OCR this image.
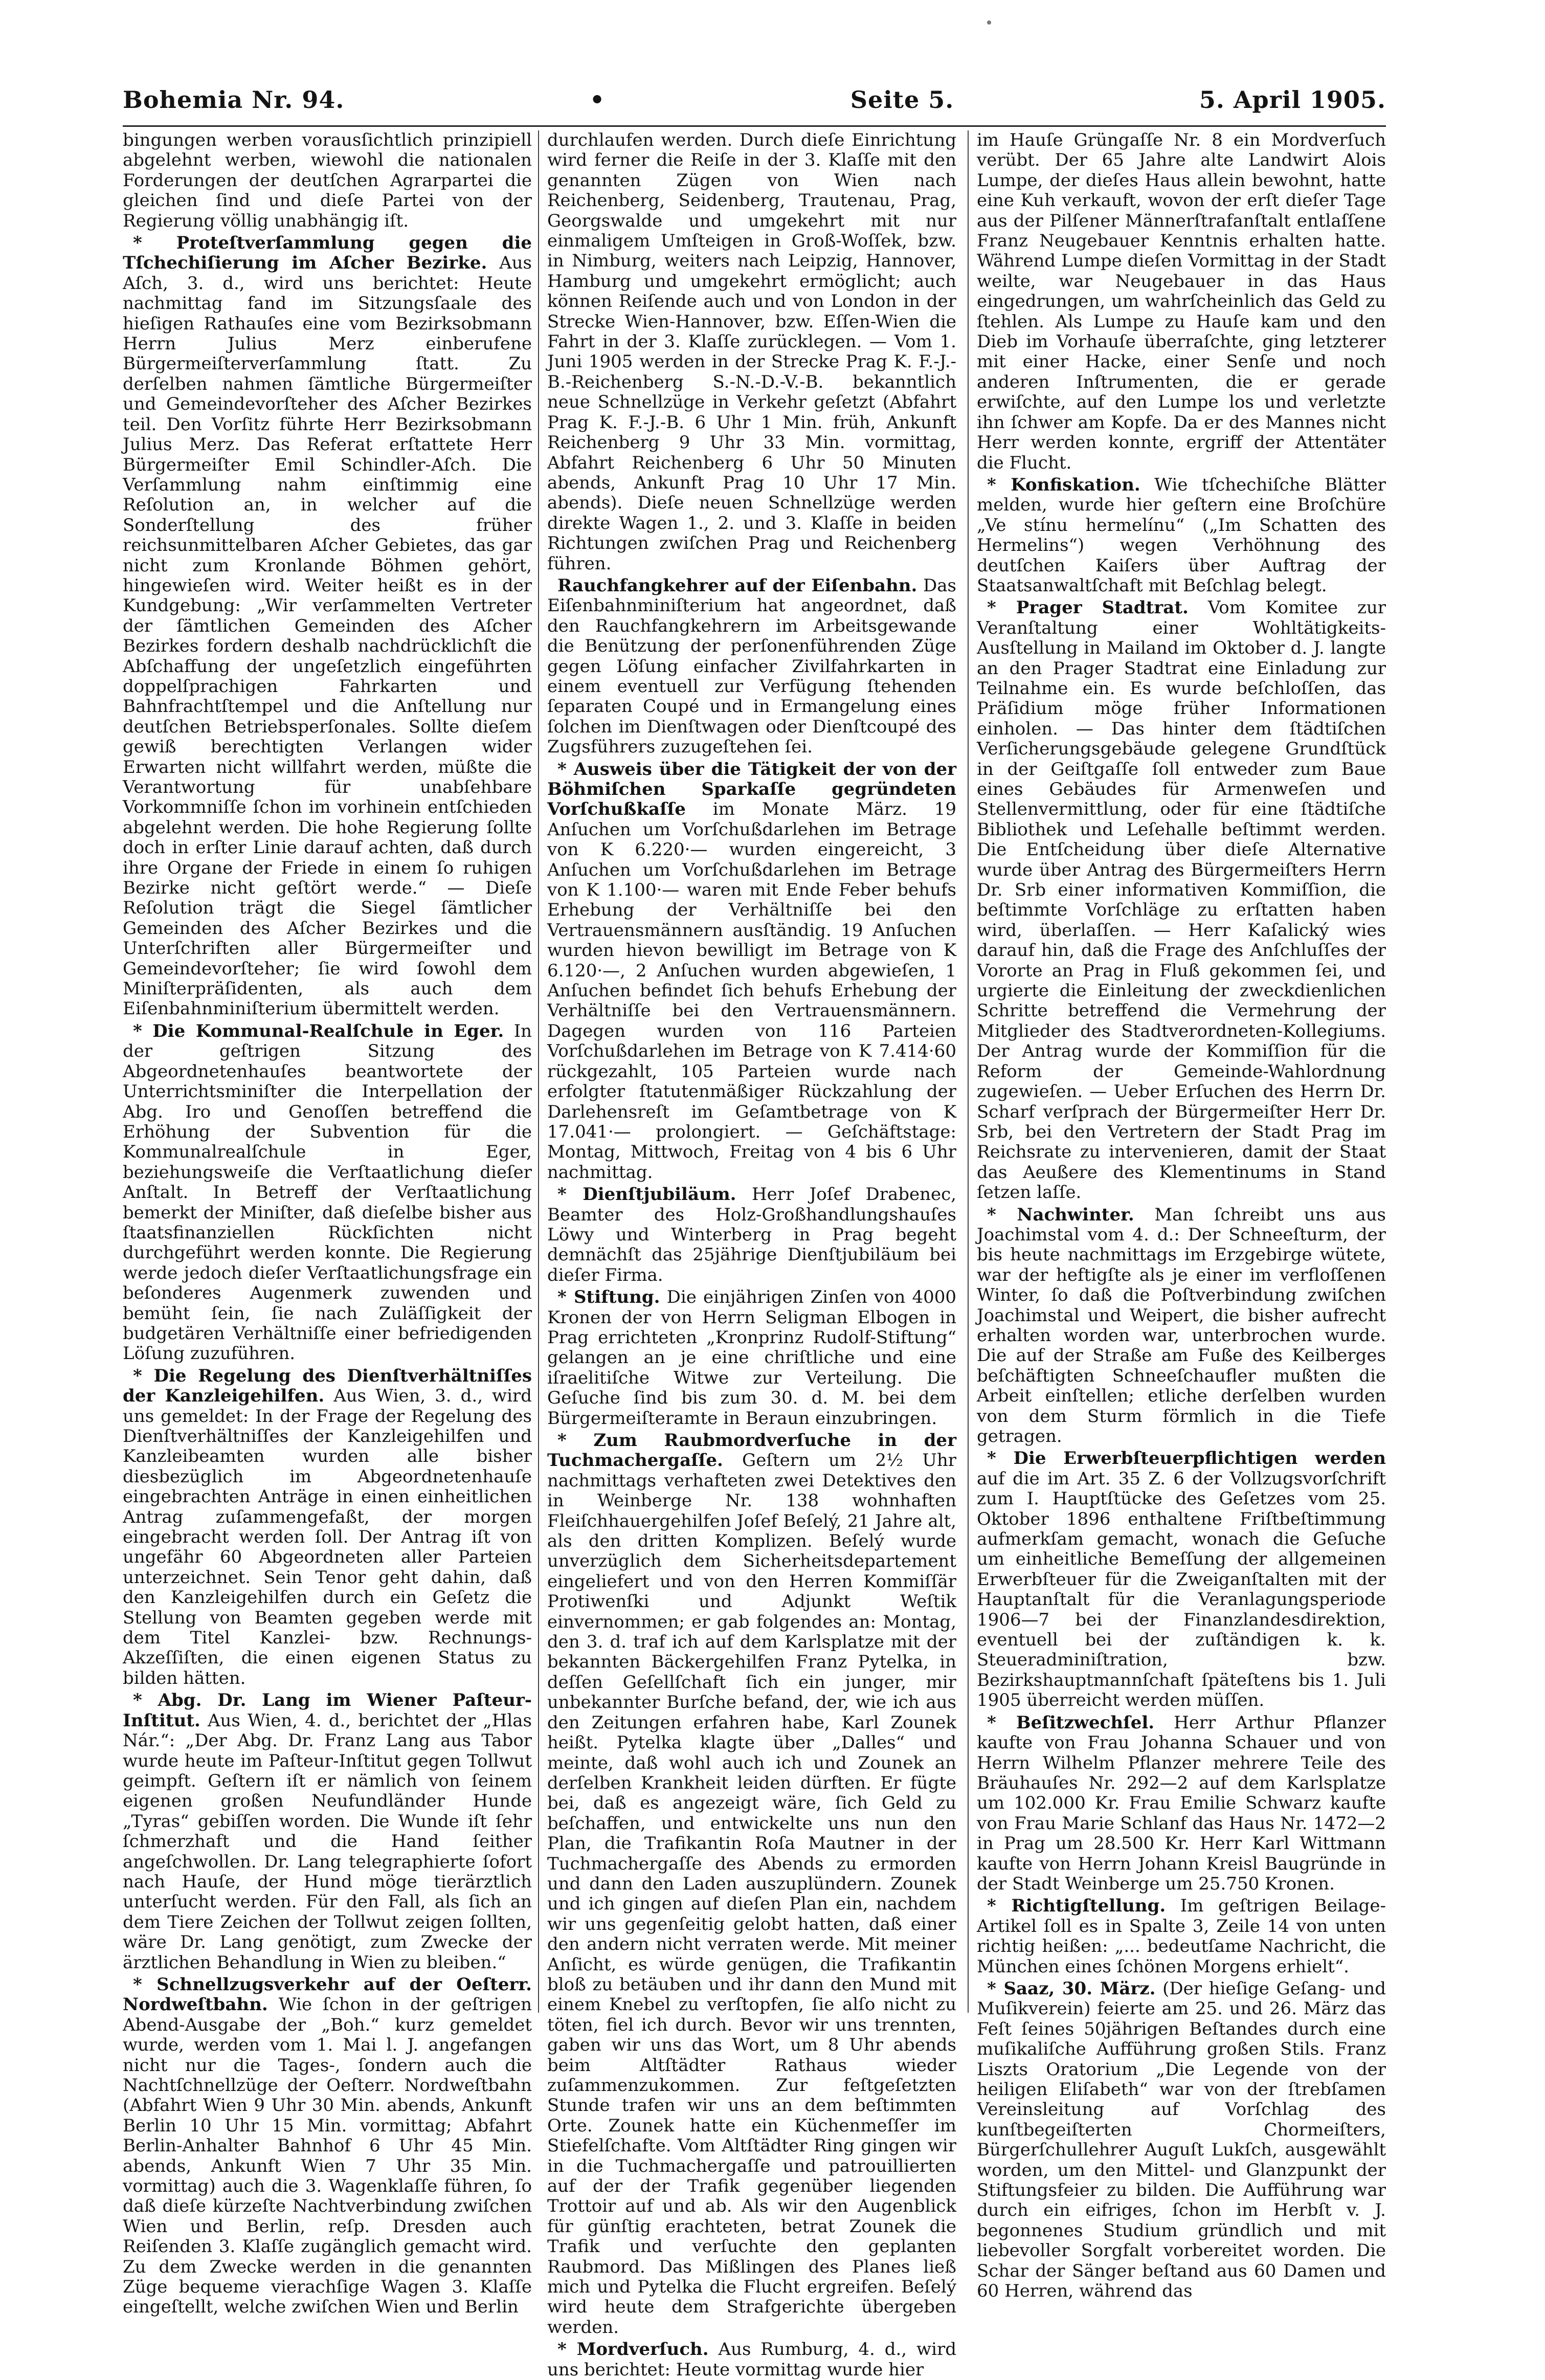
Bohemia Nr. 94.	•	Seite 5.	5. April 1905.

bingungen werben vorausſichtlich prinzipiell abgelehnt werben, wiewohl die nationalen Forderungen der deutſchen Agrarpartei die gleichen ſind und dieſe Partei von der Regierung völlig unabhängig iſt.

* Proteſtverſammlung gegen die Tſchechiſierung im Aſcher Bezirke. Aus Aſch, 3. d., wird uns berichtet: Heute nachmittag fand im Sitzungsſaale des hieſigen Rathauſes eine vom Bezirksobmann Herrn Julius Merz einberufene Bürgermeiſterverſammlung ſtatt. Zu derſelben nahmen ſämtliche Bürgermeiſter und Gemeindevorſteher des Aſcher Bezirkes teil. Den Vorſitz führte Herr Bezirksobmann Julius Merz. Das Referat erſtattete Herr Bürgermeiſter Emil Schindler-Aſch. Die Verſammlung nahm einſtimmig eine Reſolution an, in welcher auf die Sonderſtellung des früher reichsunmittelbaren Aſcher Gebietes, das gar nicht zum Kronlande Böhmen gehört, hingewieſen wird. Weiter heißt es in der Kundgebung: „Wir verſammelten Vertreter der ſämtlichen Gemeinden des Aſcher Bezirkes fordern deshalb nachdrücklichſt die Abſchaffung der ungeſetzlich eingeführten doppelſprachigen Fahrkarten und Bahnfrachtſtempel und die Anſtellung nur deutſchen Betriebsperſonales. Sollte dieſem gewiß berechtigten Verlangen wider Erwarten nicht willfahrt werden, müßte die Verantwortung für unabſehbare Vorkommniſſe ſchon im vorhinein entſchieden abgelehnt werden. Die hohe Regierung ſollte doch in erſter Linie darauf achten, daß durch ihre Organe der Friede in einem ſo ruhigen Bezirke nicht geſtört werde.“ — Dieſe Reſolution trägt die Siegel ſämtlicher Gemeinden des Aſcher Bezirkes und die Unterſchriften aller Bürgermeiſter und Gemeindevorſteher; ſie wird ſowohl dem Miniſterpräſidenten, als auch dem Eiſenbahnminiſterium übermittelt werden.

* Die Kommunal-Realſchule in Eger. In der geſtrigen Sitzung des Abgeordnetenhauſes beantwortete der Unterrichtsminiſter die Interpellation der Abg. Iro und Genoſſen betreffend die Erhöhung der Subvention für die Kommunalrealſchule in Eger, beziehungsweiſe die Verſtaatlichung dieſer Anſtalt. In Betreff der Verſtaatlichung bemerkt der Miniſter, daß dieſelbe bisher aus ſtaatsfinanziellen Rückſichten nicht durchgeführt werden konnte. Die Regierung werde jedoch dieſer Verſtaatlichungsfrage ein beſonderes Augenmerk zuwenden und bemüht ſein, ſie nach Zuläſſigkeit der budgetären Verhältniſſe einer befriedigenden Löſung zuzuführen.

* Die Regelung des Dienſtverhältniſſes der Kanzleigehilfen. Aus Wien, 3. d., wird uns gemeldet: In der Frage der Regelung des Dienſtverhältniſſes der Kanzleigehilfen und Kanzleibeamten wurden alle bisher diesbezüglich im Abgeordnetenhauſe eingebrachten Anträge in einen einheitlichen Antrag zuſammengefaßt, der morgen eingebracht werden ſoll. Der Antrag iſt von ungefähr 60 Abgeordneten aller Parteien unterzeichnet. Sein Tenor geht dahin, daß den Kanzleigehilfen durch ein Geſetz die Stellung von Beamten gegeben werde mit dem Titel Kanzlei- bzw. Rechnungs-Akzeſſiſten, die einen eigenen Status zu bilden hätten.

* Abg. Dr. Lang im Wiener Paſteur-Inſtitut. Aus Wien, 4. d., berichtet der „Hlas Nár.“: „Der Abg. Dr. Franz Lang aus Tabor wurde heute im Paſteur-Inſtitut gegen Tollwut geimpft. Geſtern iſt er nämlich von ſeinem eigenen großen Neufundländer Hunde „Tyras“ gebiſſen worden. Die Wunde iſt ſehr ſchmerzhaft und die Hand ſeither angeſchwollen. Dr. Lang telegraphierte ſofort nach Hauſe, der Hund möge tierärztlich unterſucht werden. Für den Fall, als ſich an dem Tiere Zeichen der Tollwut zeigen ſollten, wäre Dr. Lang genötigt, zum Zwecke der ärztlichen Behandlung in Wien zu bleiben.“

* Schnellzugsverkehr auf der Oeſterr. Nordweſtbahn. Wie ſchon in der geſtrigen Abend-Ausgabe der „Boh.“ kurz gemeldet wurde, werden vom 1. Mai l. J. angefangen nicht nur die Tages-, ſondern auch die Nachtſchnellzüge der Oeſterr. Nordweſtbahn (Abfahrt Wien 9 Uhr 30 Min. abends, Ankunft Berlin 10 Uhr 15 Min. vormittag; Abfahrt Berlin-Anhalter Bahnhof 6 Uhr 45 Min. abends, Ankunft Wien 7 Uhr 35 Min. vormittag) auch die 3. Wagenklaſſe führen, ſo daß dieſe kürzeſte Nachtverbindung zwiſchen Wien und Berlin, reſp. Dresden auch Reiſenden 3. Klaſſe zugänglich gemacht wird. Zu dem Zwecke werden in die genannten Züge bequeme vierachſige Wagen 3. Klaſſe eingeſtellt, welche zwiſchen Wien und Berlin

durchlaufen werden. Durch dieſe Einrichtung wird ferner die Reiſe in der 3. Klaſſe mit den genannten Zügen von Wien nach Reichenberg, Seidenberg, Trautenau, Prag, Georgswalde und umgekehrt mit nur einmaligem Umſteigen in Groß-Woſſek, bzw. in Nimburg, weiters nach Leipzig, Hannover, Hamburg und umgekehrt ermöglicht; auch können Reiſende auch und von London in der Strecke Wien-Hannover, bzw. Eſſen-Wien die Fahrt in der 3. Klaſſe zurücklegen. — Vom 1. Juni 1905 werden in der Strecke Prag K. F.-J.-B.-Reichenberg S.-N.-D.-V.-B. bekanntlich neue Schnellzüge in Verkehr geſetzt (Abfahrt Prag K. F.-J.-B. 6 Uhr 1 Min. früh, Ankunft Reichenberg 9 Uhr 33 Min. vormittag, Abfahrt Reichenberg 6 Uhr 50 Minuten abends, Ankunft Prag 10 Uhr 17 Min. abends). Dieſe neuen Schnellzüge werden direkte Wagen 1., 2. und 3. Klaſſe in beiden Richtungen zwiſchen Prag und Reichenberg führen.

Rauchfangkehrer auf der Eiſenbahn. Das Eiſenbahnminiſterium hat angeordnet, daß den Rauchfangkehrern im Arbeitsgewande die Benützung der perſonenführenden Züge gegen Löſung einfacher Zivilfahrkarten in einem eventuell zur Verfügung ſtehenden ſeparaten Coupé und in Ermangelung eines ſolchen im Dienſtwagen oder Dienſtcoupé des Zugsführers zuzugeſtehen ſei.

* Ausweis über die Tätigkeit der von der Böhmiſchen Sparkaſſe gegründeten Vorſchußkaſſe im Monate März. 19 Anſuchen um Vorſchußdarlehen im Betrage von K 6.220·— wurden eingereicht, 3 Anſuchen um Vorſchußdarlehen im Betrage von K 1.100·— waren mit Ende Feber behufs Erhebung der Verhältniſſe bei den Vertrauensmännern ausſtändig. 19 Anſuchen wurden hievon bewilligt im Betrage von K 6.120·—, 2 Anſuchen wurden abgewieſen, 1 Anſuchen befindet ſich behufs Erhebung der Verhältniſſe bei den Vertrauensmännern. Dagegen wurden von 116 Parteien Vorſchußdarlehen im Betrage von K 7.414·60 rückgezahlt, 105 Parteien wurde nach erfolgter ſtatutenmäßiger Rückzahlung der Darlehensreſt im Geſamtbetrage von K 17.041·— prolongiert. — Geſchäftstage: Montag, Mittwoch, Freitag von 4 bis 6 Uhr nachmittag.

* Dienſtjubiläum. Herr Joſef Drabenec, Beamter des Holz-Großhandlungshauſes Löwy und Winterberg in Prag begeht demnächſt das 25jährige Dienſtjubiläum bei dieſer Firma.

* Stiftung. Die einjährigen Zinſen von 4000 Kronen der von Herrn Seligman Elbogen in Prag errichteten „Kronprinz Rudolf-Stiftung“ gelangen an je eine chriſtliche und eine iſraelitiſche Witwe zur Verteilung. Die Geſuche ſind bis zum 30. d. M. bei dem Bürgermeiſteramte in Beraun einzubringen.

* Zum Raubmordverſuche in der Tuchmachergaſſe. Geſtern um 2½ Uhr nachmittags verhafteten zwei Detektives den in Weinberge Nr. 138 wohnhaften Fleiſchhauergehilfen Joſef Beſelý, 21 Jahre alt, als den dritten Komplizen. Beſelý wurde unverzüglich dem Sicherheitsdepartement eingeliefert und von den Herren Kommiſſär Protiwenſki und Adjunkt Weſtik einvernommen; er gab folgendes an: Montag, den 3. d. traf ich auf dem Karlsplatze mit der bekannten Bäckergehilfen Franz Pytelka, in deſſen Geſellſchaft ſich ein junger, mir unbekannter Burſche befand, der, wie ich aus den Zeitungen erfahren habe, Karl Zounek heißt. Pytelka klagte über „Dalles“ und meinte, daß wohl auch ich und Zounek an derſelben Krankheit leiden dürften. Er fügte bei, daß es angezeigt wäre, ſich Geld zu beſchaffen, und entwickelte uns nun den Plan, die Trafikantin Roſa Mautner in der Tuchmachergaſſe des Abends zu ermorden und dann den Laden auszuplündern. Zounek und ich gingen auf dieſen Plan ein, nachdem wir uns gegenſeitig gelobt hatten, daß einer den andern nicht verraten werde. Mit meiner Anſicht, es würde genügen, die Trafikantin bloß zu betäuben und ihr dann den Mund mit einem Knebel zu verſtopfen, ſie alſo nicht zu töten, fiel ich durch. Bevor wir uns trennten, gaben wir uns das Wort, um 8 Uhr abends beim Altſtädter Rathaus wieder zuſammenzukommen. Zur feſtgeſetzten Stunde trafen wir uns an dem beſtimmten Orte. Zounek hatte ein Küchenmeſſer im Stiefelſchafte. Vom Altſtädter Ring gingen wir in die Tuchmachergaſſe und patrouillierten auf der der Trafik gegenüber liegenden Trottoir auf und ab. Als wir den Augenblick für günſtig erachteten, betrat Zounek die Trafik und verſuchte den geplanten Raubmord. Das Mißlingen des Planes ließ mich und Pytelka die Flucht ergreifen. Beſelý wird heute dem Strafgerichte übergeben werden.

* Mordverſuch. Aus Rumburg, 4. d., wird uns berichtet: Heute vormittag wurde hier

im Hauſe Grüngaſſe Nr. 8 ein Mordverſuch verübt. Der 65 Jahre alte Landwirt Alois Lumpe, der dieſes Haus allein bewohnt, hatte eine Kuh verkauft, wovon der erſt dieſer Tage aus der Pilſener Männerſtrafanſtalt entlaſſene Franz Neugebauer Kenntnis erhalten hatte. Während Lumpe dieſen Vormittag in der Stadt weilte, war Neugebauer in das Haus eingedrungen, um wahrſcheinlich das Geld zu ſtehlen. Als Lumpe zu Hauſe kam und den Dieb im Vorhauſe überraſchte, ging letzterer mit einer Hacke, einer Senſe und noch anderen Inſtrumenten, die er gerade erwiſchte, auf den Lumpe los und verletzte ihn ſchwer am Kopfe. Da er des Mannes nicht Herr werden konnte, ergriff der Attentäter die Flucht.

* Konfiskation. Wie tſchechiſche Blätter melden, wurde hier geſtern eine Broſchüre „Ve stínu hermelínu“ („Im Schatten des Hermelins“) wegen Verhöhnung des deutſchen Kaiſers über Auftrag der Staatsanwaltſchaft mit Beſchlag belegt.

* Prager Stadtrat. Vom Komitee zur Veranſtaltung einer Wohltätigkeits-Ausſtellung in Mailand im Oktober d. J. langte an den Prager Stadtrat eine Einladung zur Teilnahme ein. Es wurde beſchloſſen, das Präſidium möge früher Informationen einholen. — Das hinter dem ſtädtiſchen Verſicherungsgebäude gelegene Grundſtück in der Geiſtgaſſe ſoll entweder zum Baue eines Gebäudes für Armenweſen und Stellenvermittlung, oder für eine ſtädtiſche Bibliothek und Leſehalle beſtimmt werden. Die Entſcheidung über dieſe Alternative wurde über Antrag des Bürgermeiſters Herrn Dr. Srb einer informativen Kommiſſion, die beſtimmte Vorſchläge zu erſtatten haben wird, überlaſſen. — Herr Kaſalický wies darauf hin, daß die Frage des Anſchluſſes der Vororte an Prag in Fluß gekommen ſei, und urgierte die Einleitung der zweckdienlichen Schritte betreffend die Vermehrung der Mitglieder des Stadtverordneten-Kollegiums. Der Antrag wurde der Kommiſſion für die Reform der Gemeinde-Wahlordnung zugewieſen. — Ueber Erſuchen des Herrn Dr. Scharf verſprach der Bürgermeiſter Herr Dr. Srb, bei den Vertretern der Stadt Prag im Reichsrate zu intervenieren, damit der Staat das Aeußere des Klementinums in Stand ſetzen laſſe.

* Nachwinter. Man ſchreibt uns aus Joachimstal vom 4. d.: Der Schneeſturm, der bis heute nachmittags im Erzgebirge wütete, war der heftigſte als je einer im verfloſſenen Winter, ſo daß die Poſtverbindung zwiſchen Joachimstal und Weipert, die bisher aufrecht erhalten worden war, unterbrochen wurde. Die auf der Straße am Fuße des Keilberges beſchäftigten Schneeſchaufler mußten die Arbeit einſtellen; etliche derſelben wurden von dem Sturm förmlich in die Tiefe getragen.

* Die Erwerbſteuerpflichtigen werden auf die im Art. 35 Z. 6 der Vollzugsvorſchrift zum I. Hauptſtücke des Geſetzes vom 25. Oktober 1896 enthaltene Friſtbeſtimmung aufmerkſam gemacht, wonach die Geſuche um einheitliche Bemeſſung der allgemeinen Erwerbſteuer für die Zweiganſtalten mit der Hauptanſtalt für die Veranlagungsperiode 1906—7 bei der Finanzlandesdirektion, eventuell bei der zuſtändigen k. k. Steueradminiſtration, bzw. Bezirkshauptmannſchaft ſpäteſtens bis 1. Juli 1905 überreicht werden müſſen.

* Beſitzwechſel. Herr Arthur Pflanzer kaufte von Frau Johanna Schauer und von Herrn Wilhelm Pflanzer mehrere Teile des Bräuhauſes Nr. 292—2 auf dem Karlsplatze um 102.000 Kr. Frau Emilie Schwarz kaufte von Frau Marie Schlanf das Haus Nr. 1472—2 in Prag um 28.500 Kr. Herr Karl Wittmann kaufte von Herrn Johann Kreisl Baugründe in der Stadt Weinberge um 25.750 Kronen.

* Richtigſtellung. Im geſtrigen Beilage-Artikel ſoll es in Spalte 3, Zeile 14 von unten richtig heißen: „... bedeutſame Nachricht, die München eines ſchönen Morgens erhielt“.

* Saaz, 30. März. (Der hieſige Geſang- und Muſikverein) feierte am 25. und 26. März das Feſt ſeines 50jährigen Beſtandes durch eine muſikaliſche Aufführung großen Stils. Franz Liszts Oratorium „Die Legende von der heiligen Eliſabeth“ war von der ſtrebſamen Vereinsleitung auf Vorſchlag des kunſtbegeiſterten Chormeiſters, Bürgerſchullehrer Auguſt Lukſch, ausgewählt worden, um den Mittel- und Glanzpunkt der Stiftungsfeier zu bilden. Die Aufführung war durch ein eifriges, ſchon im Herbſt v. J. begonnenes Studium gründlich und mit liebevoller Sorgfalt vorbereitet worden. Die Schar der Sänger beſtand aus 60 Damen und 60 Herren, während das
